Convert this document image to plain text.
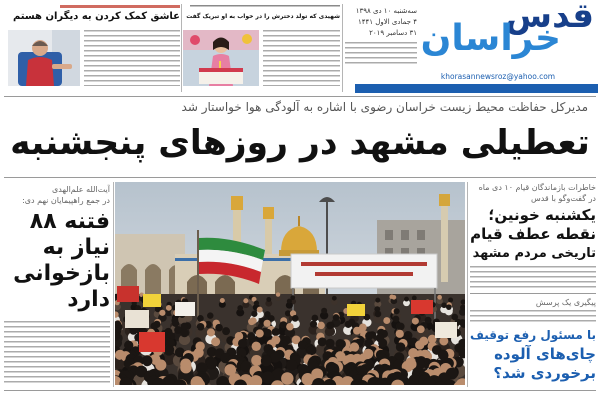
قدس
خراسان
سه‌شنبه ۱۰ دی ۱۳۹۸
۴ جمادی الاول ۱۴۴۱
۳۱ دسامبر ۲۰۱۹
khorasannewsroz@yahoo.com
شهیدی که تولد دخترش را در خواب به او تبریک گفت
عاشق کمک کردن به دیگران هستم
مدیرکل حفاظت محیط زیست خراسان رضوی با اشاره به آلودگی هوا خواستار شد
تعطیلی مشهد در روزهای پنجشنبه
خاطرات بازماندگان قیام ۱۰ دی ماه
در گفت‌وگو با قدس
یکشنبه خونین؛
نقطه عطف قیام
تاریخی مردم مشهد
پیگیری یک پرسش
با مسئول رفع توقیف
چای‌های آلوده
برخوردی شد؟
آیت‌الله علم‌الهدی
در جمع راهپیمایان نهم دی:
فتنه ۸۸
نیاز به
بازخوانی
دارد
